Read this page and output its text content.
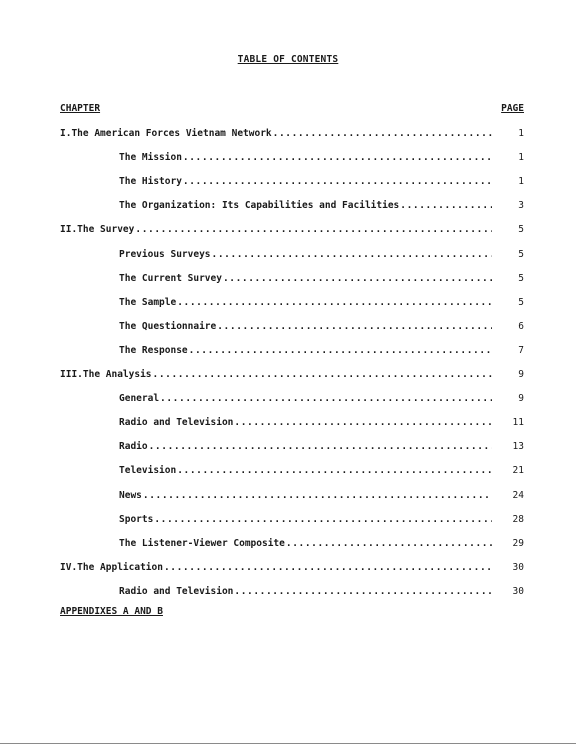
TABLE OF CONTENTS
CHAPTER	PAGE
I. The American Forces Vietnam Network .....	1
The Mission .....	1
The History .....	1
The Organization: Its Capabilities and Facilities .....	3
II. The Survey .....	5
Previous Surveys .....	5
The Current Survey .....	5
The Sample .....	5
The Questionnaire .....	6
The Response .....	7
III. The Analysis .....	9
General .....	9
Radio and Television .....	11
Radio .....	13
Television .....	21
News .....	24
Sports .....	28
The Listener-Viewer Composite .....	29
IV. The Application .....	30
Radio and Television .....	30
APPENDIXES A AND B
